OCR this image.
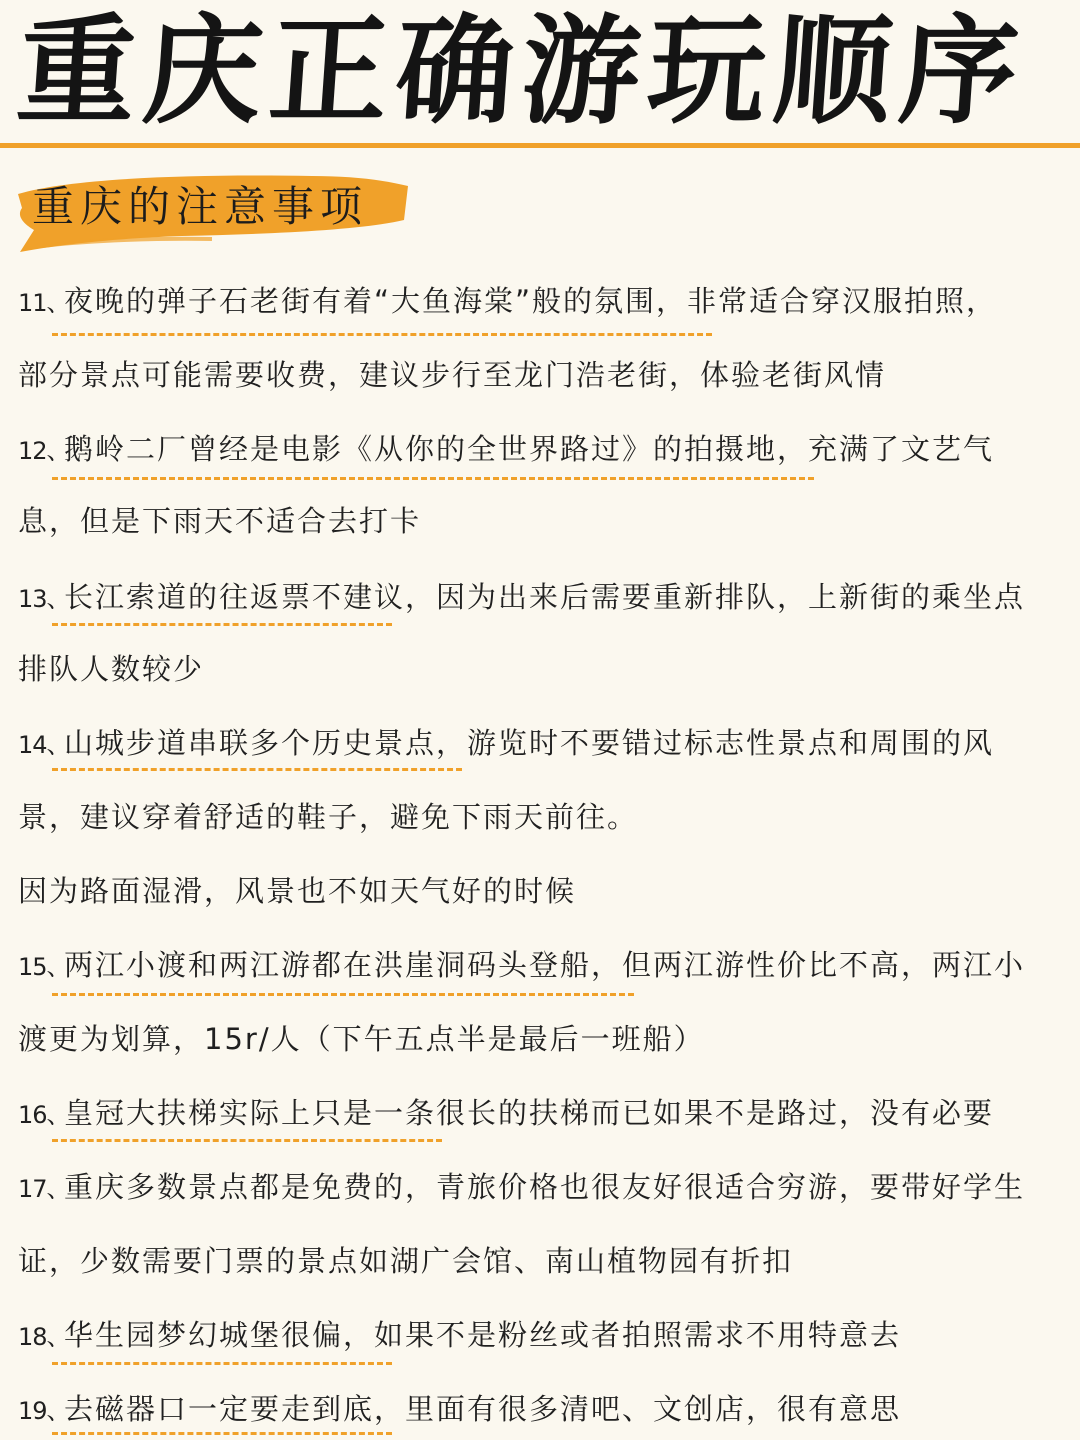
重庆正确游玩顺序
重庆的注意事项
11、夜晚的弹子石老街有着“大鱼海棠”般的氛围，非常适合穿汉服拍照，
部分景点可能需要收费，建议步行至龙门浩老街，体验老街风情
12、鹅岭二厂曾经是电影《从你的全世界路过》的拍摄地，充满了文艺气
息，但是下雨天不适合去打卡
13、长江索道的往返票不建议，因为出来后需要重新排队，上新街的乘坐点
排队人数较少
14、山城步道串联多个历史景点，游览时不要错过标志性景点和周围的风
景，建议穿着舒适的鞋子，避免下雨天前往。
因为路面湿滑，风景也不如天气好的时候
15、两江小渡和两江游都在洪崖洞码头登船，但两江游性价比不高，两江小
渡更为划算，15r/人（下午五点半是最后一班船）
16、皇冠大扶梯实际上只是一条很长的扶梯而已如果不是路过，没有必要
17、重庆多数景点都是免费的，青旅价格也很友好很适合穷游，要带好学生
证，少数需要门票的景点如湖广会馆、南山植物园有折扣
18、华生园梦幻城堡很偏，如果不是粉丝或者拍照需求不用特意去
19、去磁器口一定要走到底，里面有很多清吧、文创店，很有意思
